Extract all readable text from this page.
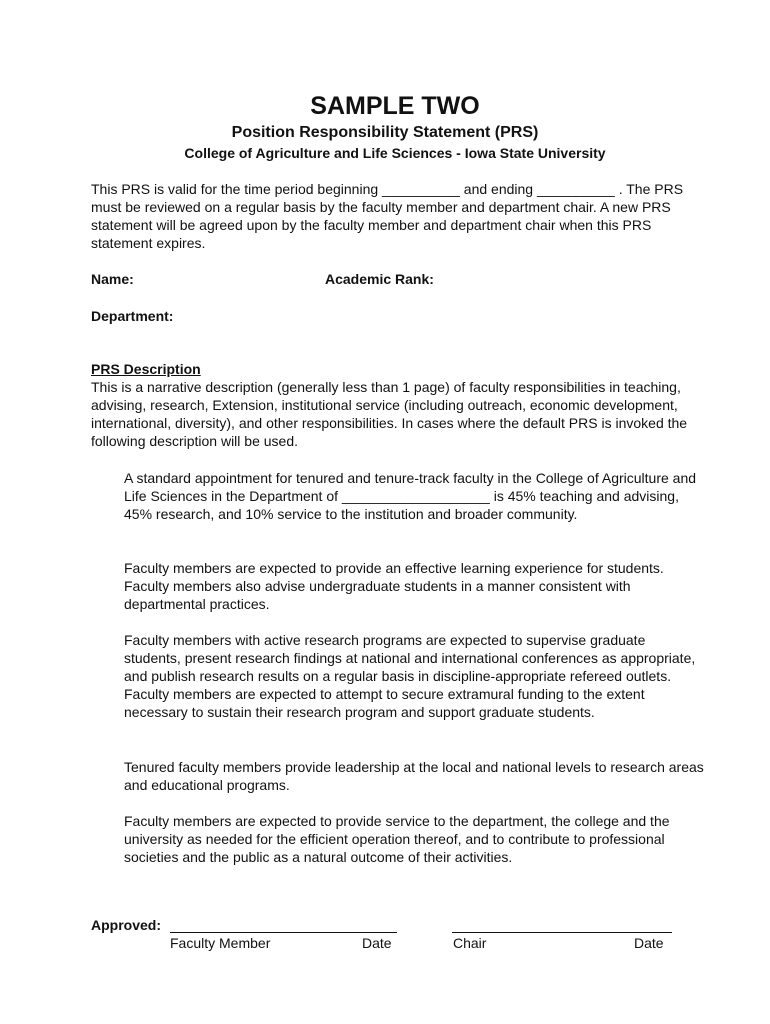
SAMPLE TWO
Position Responsibility Statement (PRS)
College of Agriculture and Life Sciences - Iowa State University

This PRS is valid for the time period beginning __________ and ending __________ . The PRS must be reviewed on a regular basis by the faculty member and department chair. A new PRS statement will be agreed upon by the faculty member and department chair when this PRS statement expires.

Name:	Academic Rank:
Department:
PRS Description

This is a narrative description (generally less than 1 page) of faculty responsibilities in teaching, advising, research, Extension, institutional service (including outreach, economic development, international, diversity), and other responsibilities. In cases where the default PRS is invoked the following description will be used.

A standard appointment for tenured and tenure-track faculty in the College of Agriculture and Life Sciences in the Department of ___________________ is 45% teaching and advising, 45% research, and 10% service to the institution and broader community.

Faculty members are expected to provide an effective learning experience for students. Faculty members also advise undergraduate students in a manner consistent with departmental practices.

Faculty members with active research programs are expected to supervise graduate students, present research findings at national and international conferences as appropriate, and publish research results on a regular basis in discipline-appropriate refereed outlets. Faculty members are expected to attempt to secure extramural funding to the extent necessary to sustain their research program and support graduate students.

Tenured faculty members provide leadership at the local and national levels to research areas and educational programs.

Faculty members are expected to provide service to the department, the college and the university as needed for the efficient operation thereof, and to contribute to professional societies and the public as a natural outcome of their activities.

Approved:
Faculty Member	Date	Chair	Date
